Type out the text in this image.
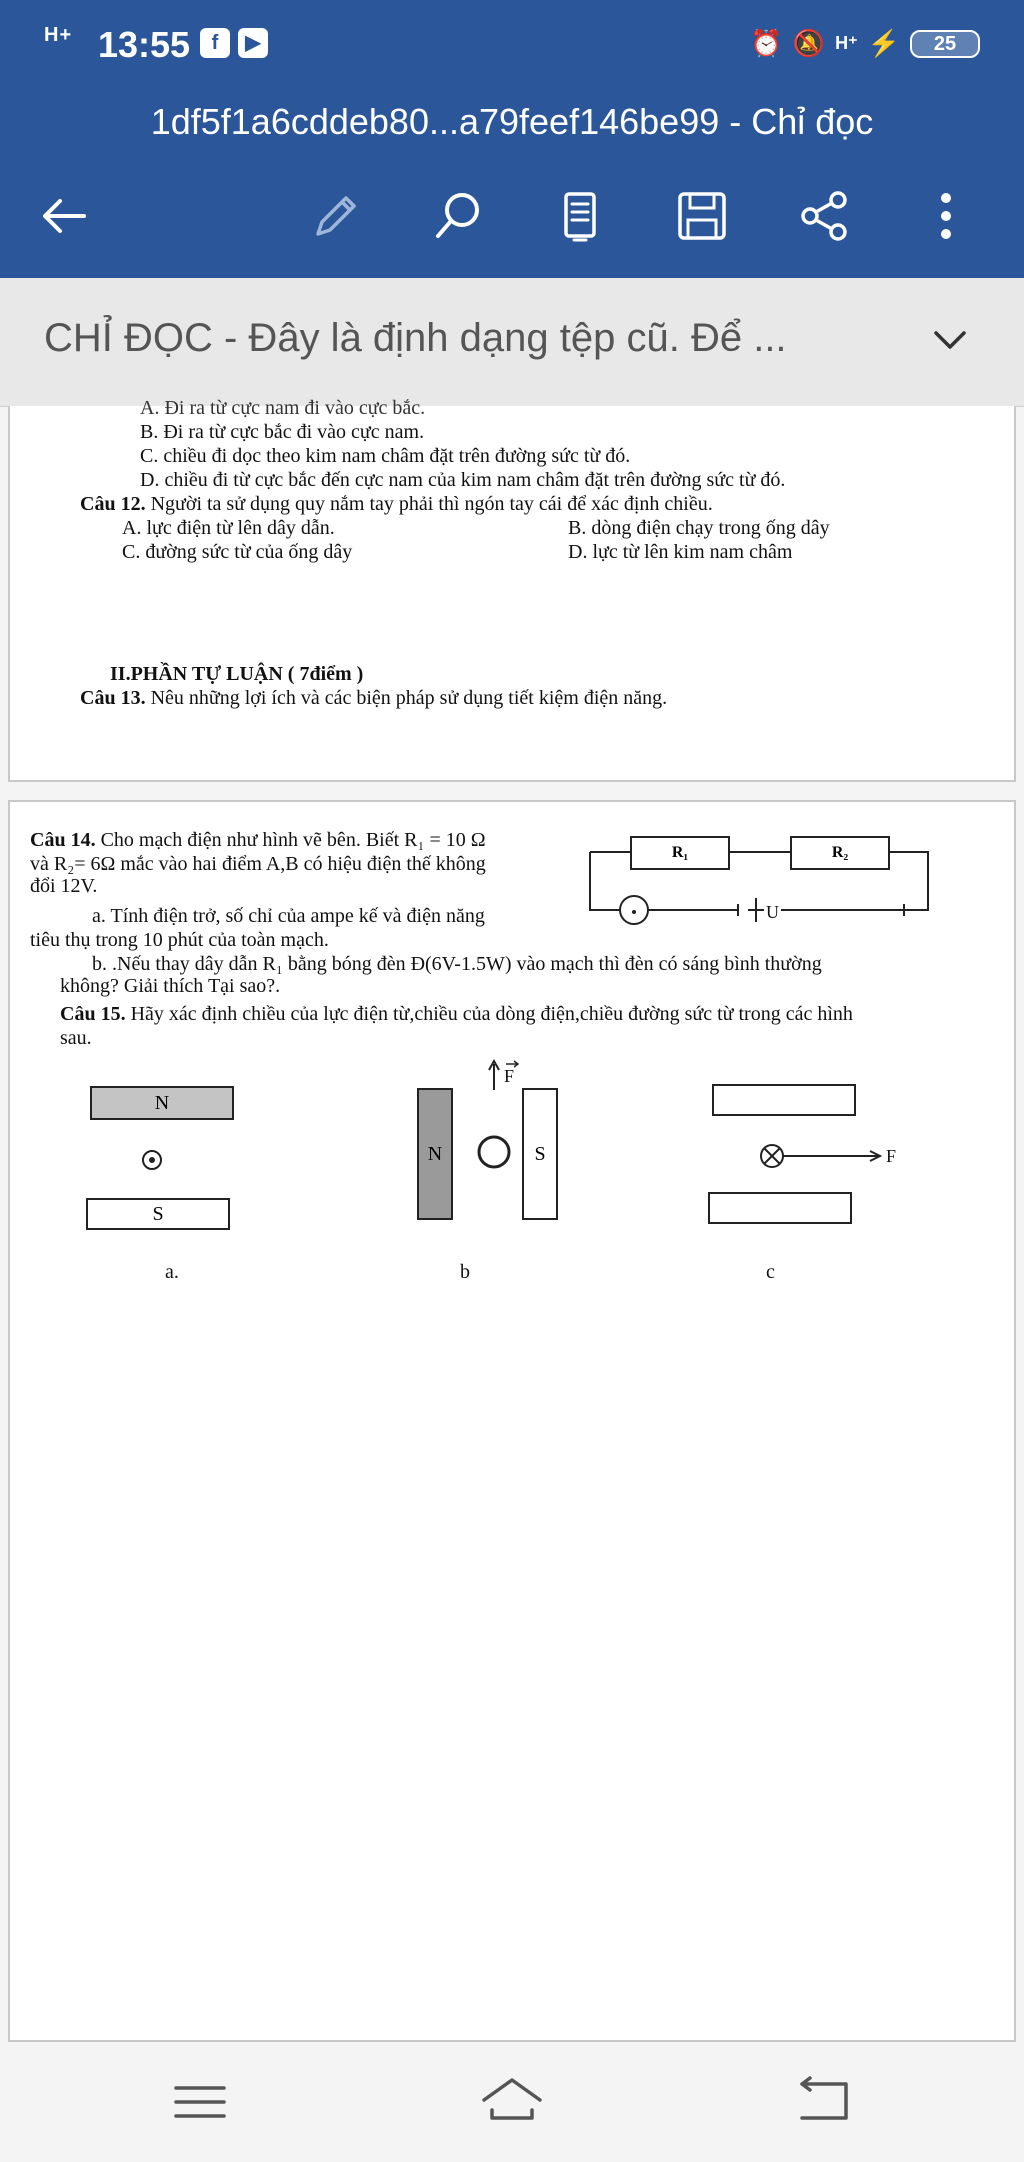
H+ 13:55	f	▶	⏰ 🔕 H⁺ ⚡	25
1df5f1a6cddeb80...a79feef146be99 - Chỉ đọc
CHỈ ĐỌC - Đây là định dạng tệp cũ. Để ...
A. Đi ra từ cực nam đi vào cực bắc.
B. Đi ra từ cực bắc đi vào cực nam.
C. chiều đi dọc theo kim nam châm đặt trên đường sức từ đó.
D. chiều đi từ cực bắc đến cực nam của kim nam châm đặt trên đường sức từ đó.
Câu 12. Người ta sử dụng quy nắm tay phải thì ngón tay cái để xác định chiều.
A. lực điện từ lên dây dẫn.	B. dòng điện chạy trong ống dây
C. đường sức từ của ống dây	D. lực từ lên kim nam châm
II.PHẦN TỰ LUẬN ( 7điểm )
Câu 13. Nêu những lợi ích và các biện pháp sử dụng tiết kiệm điện năng.
Câu 14. Cho mạch điện như hình vẽ bên. Biết R₁ = 10 Ω
và R₂= 6Ω mắc vào hai điểm A,B có hiệu điện thế không
đổi 12V.
a. Tính điện trở, số chỉ của ampe kế và điện năng
tiêu thụ trong 10 phút của toàn mạch.
b. .Nếu thay dây dẫn R₁ bằng bóng đèn Đ(6V-1.5W) vào mạch thì đèn có sáng bình thường
không? Giải thích Tại sao?.
Câu 15. Hãy xác định chiều của lực điện từ,chiều của dòng điện,chiều đường sức từ trong các hình
sau.
R₁	R₂
U
N
S
a.
F
N	S
b
F
c
